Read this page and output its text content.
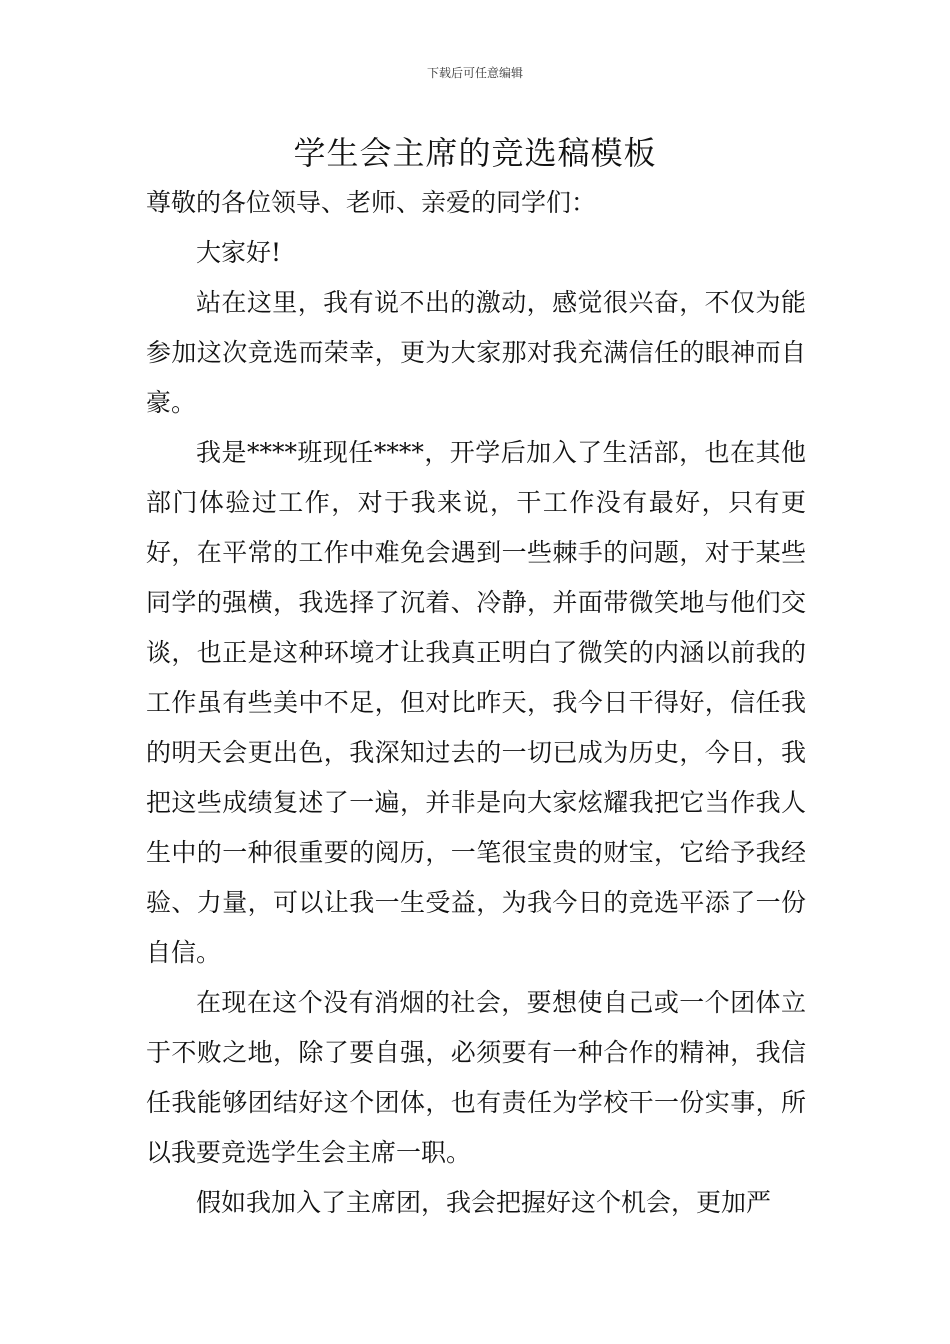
下载后可任意编辑
学生会主席的竞选稿模板

尊敬的各位领导、老师、亲爱的同学们：

大家好!

站在这里，我有说不出的激动，感觉很兴奋，不仅为能参加这次竞选而荣幸，更为大家那对我充满信任的眼神而自豪。

我是****班现任****，开学后加入了生活部，也在其他部门体验过工作，对于我来说，干工作没有最好，只有更好，在平常的工作中难免会遇到一些棘手的问题，对于某些同学的强横，我选择了沉着、冷静，并面带微笑地与他们交谈，也正是这种环境才让我真正明白了微笑的内涵以前我的工作虽有些美中不足，但对比昨天，我今日干得好，信任我的明天会更出色，我深知过去的一切已成为历史，今日，我把这些成绩复述了一遍，并非是向大家炫耀我把它当作我人生中的一种很重要的阅历，一笔很宝贵的财宝，它给予我经验、力量，可以让我一生受益，为我今日的竞选平添了一份自信。

在现在这个没有消烟的社会，要想使自己或一个团体立于不败之地，除了要自强，必须要有一种合作的精神，我信任我能够团结好这个团体，也有责任为学校干一份实事，所以我要竞选学生会主席一职。

假如我加入了主席团，我会把握好这个机会，更加严
